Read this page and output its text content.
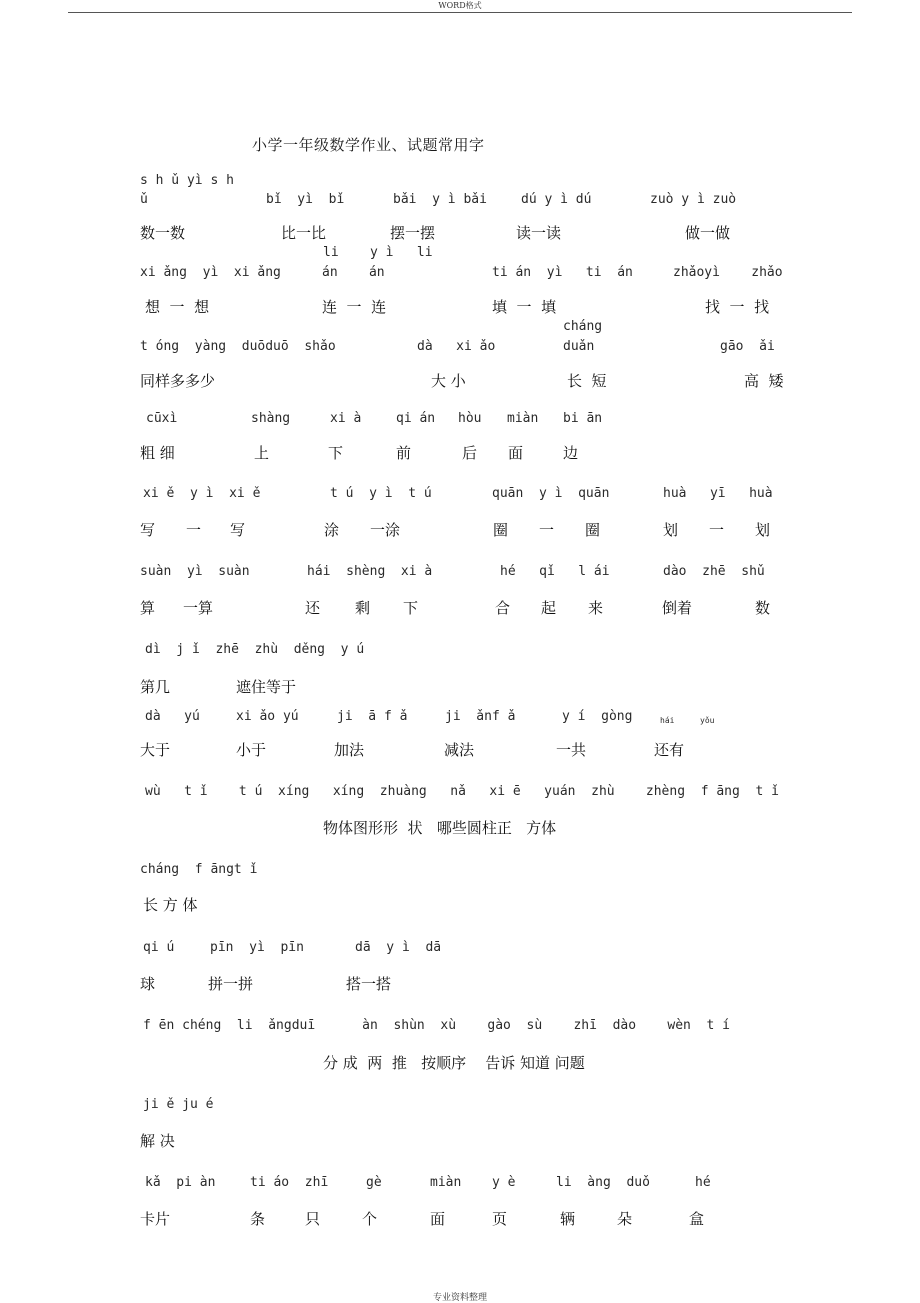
WORD格式
小学一年级数学作业、试题常用字
s h ǔ yì s h
ǔ	bǐ  yì  bǐ	bǎi  y ì bǎi	dú y ì dú	zuò y ì zuò
数一数	比一比	摆一摆	读一读	做一做
li    y ì   li
xi ǎng  yì  xi ǎng	án    án	ti án  yì   ti  án	zhǎoyì    zhǎo
想  一  想	连  一  连	填  一  填	找  一  找
cháng
t óng  yàng  duōduō  shǎo	dà   xi ǎo	duǎn	gāo  ǎi
同样多多少	大 小	长  短	高  矮
cūxì	shàng	xi à	qi án hòu miàn bi ān
粗 细	上	下	前	后 面	边
xi ě  y ì  xi ě	t ú  y ì  t ú	quān  y ì  quān	huà   yī   huà
写 一 写	涂 一涂	圈 一 圈	划 一 划
suàn  yì  suàn	hái  shèng  xi à	hé   qǐ   l ái	dào  zhē  shǔ
算 一算	还 剩 下	合 起 来	倒着	数
dì  j ǐ  zhē  zhù  děng  y ú
第几	遮住等于
dà   yú	xi ǎo yú	ji  ā f ǎ	ji  ǎnf ǎ	y í  gòng	hái	yǒu
大于	小于	加法	减法	一共	还有
wù   t ǐ    t ú  xíng   xíng  zhuàng   nǎ   xi ē   yuán  zhù    zhèng  f āng  t ǐ
物体图形形  状   哪些圆柱正   方体
cháng  f āngt ǐ
长 方 体
qi ú	pīn  yì  pīn	dā  y ì  dā
球	拼一拼	搭一搭
f ēn chéng  li  ǎngduī      àn  shùn  xù    gào  sù    zhī  dào    wèn  t í
分 成  两  推   按顺序    告诉 知道 问题
ji ě ju é
解 决
kǎ  pi àn	ti áo  zhī	gè	miàn y è	li  àng  duǒ	hé
卡片	条	只	个	面	页	辆	朵	盒
专业资料整理
